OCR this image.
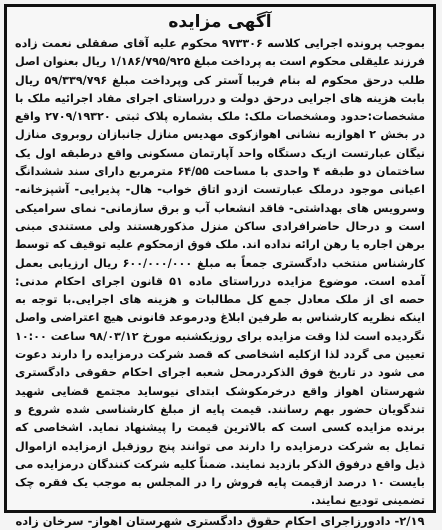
آگهی مزایده
بموجب پرونده اجرایی کلاسه ۹۷۳۳۰۶ محکوم علیه آقای صفقلی نعمت زاده فرزند علیقلی محکوم است به پرداخت مبلغ ۱/۱۸۶/۷۹۵/۹۲۵ ریال بعنوان اصل طلب درحق محکوم له بنام فریبا آستر کی وپرداخت مبلغ ۵۹/۳۳۹/۷۹۶ ریال بابت هزینه های اجرایی درحق دولت و درراستای اجرای مفاد اجرائیه ملک با مشخصات:حدود ومشخصات ملک: ملک بشماره پلاک ثبتی ۲۷۰۹/۱۹۳۲۰ واقع در بخش ۲ اهوازبه نشانی اهوازکوی مهدیس منازل جانبازان روبروی منازل نیگان عبارتست ازیک دستگاه واحد آپارتمان مسکونی واقع درطبقه اول یک ساختمان دو طبقه ۴ واحدی با مساحت ۶۴/۵۵ مترمربع دارای سند ششدانگ اعیانی موجود درملک عبارتست ازدو اتاق خواب- هال- پذیرایی- آشپزخانه- وسرویس های بهداشتی- فاقد انشعاب آب و برق سازمانی- نمای سرامیکی است و درحال حاضرافرادی ساکن منزل مذکورهستند ولی مستندی مبنی برهن اجاره یا رهن ارائه نداده اند. ملک فوق ازمحکوم علیه توقیف که توسط کارشناس منتخب دادگستری جمعاً به مبلغ ۶۰۰/۰۰۰/۰۰۰ ریال ارزیابی بعمل آمده است. موضوع مزایده درراستای ماده ۵۱ قانون اجرای احکام مدنی: حصه ای از ملک معادل جمع کل مطالبات و هزینه های اجرایی.با توجه به اینکه نظریه کارشناس به طرفین ابلاغ ودرموعد قانونی هیچ اعتراضی واصل نگردیده است لذا وقت مزایده برای روزیکشنبه مورخ ۹۸/۰۳/۱۲ ساعت ۱۰:۰۰ تعیین می گردد لذا ازکلیه اشخاصی که قصد شرکت درمزایده را دارند دعوت می شود در تاریخ فوق الذکردرمحل شعبه اجرای احکام حقوقی دادگستری شهرستان اهواز واقع درخرمکوشک ابتدای نیوساید مجتمع قضایی شهید تندگویان حضور بهم رسانند. قیمت پایه از مبلغ کارشناسی شده شروع و برنده مزایده کسی است که بالاترین قیمت را پیشنهاد نماید. اشخاصی که تمایل به شرکت درمزایده را دارند می توانند پنج روزقبل ازمزایده ازاموال ذیل واقع درفوق الذکر بازدید نمایند. ضمناً کلیه شرکت کنندگان درمزایده می بایست ۱۰ درصد ازقیمت پایه فروش را در المجلس به موجب یک فقره چک تضمینی تودیع نمایند.
۲/۱۹- دادورزاجرای احکام حقوق دادگستری شهرستان اهواز- سرخان زاده
